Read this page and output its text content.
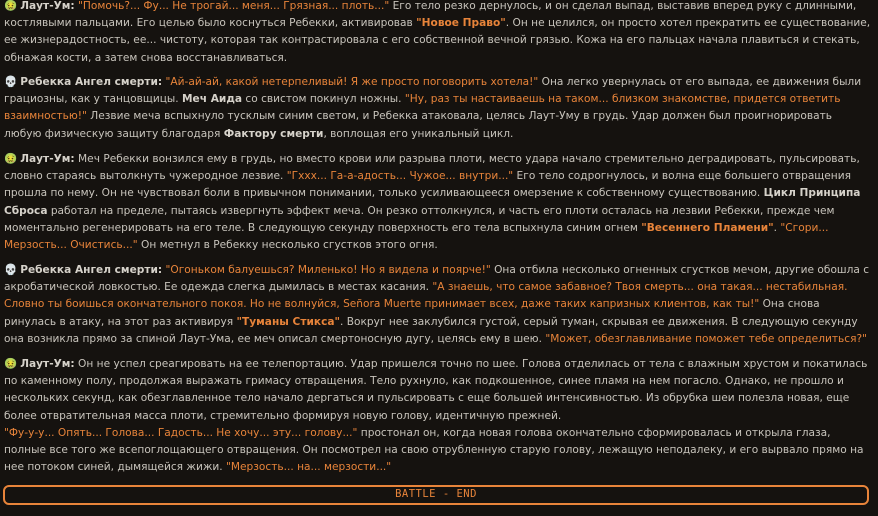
🤢 Лаут-Ум: "Помочь?... Фу... Не трогай... меня... Грязная... плоть..." Его тело резко дернулось, и он сделал выпад, выставив вперед руку с длинными, костлявыми пальцами. Его целью было коснуться Ребекки, активировав "Новое Право". Он не целился, он просто хотел прекратить ее существование, ее жизнерадостность, ее... чистоту, которая так контрастировала с его собственной вечной грязью. Кожа на его пальцах начала плавиться и стекать, обнажая кости, а затем снова восстанавливаться.

💀 Ребекка Ангел смерти: "Ай-ай-ай, какой нетерпеливый! Я же просто поговорить хотела!" Она легко увернулась от его выпада, ее движения были грациозны, как у танцовщицы. Меч Аида со свистом покинул ножны. "Ну, раз ты настаиваешь на таком... близком знакомстве, придется ответить взаимностью!" Лезвие меча вспыхнуло тусклым синим светом, и Ребекка атаковала, целясь Лаут-Уму в грудь. Удар должен был проигнорировать любую физическую защиту благодаря Фактору смерти, воплощая его уникальный цикл.

🤢 Лаут-Ум: Меч Ребекки вонзился ему в грудь, но вместо крови или разрыва плоти, место удара начало стремительно деградировать, пульсировать, словно стараясь вытолкнуть чужеродное лезвие. "Гххх... Га-а-адость... Чужое... внутри..." Его тело содрогнулось, и волна еще большего отвращения прошла по нему. Он не чувствовал боли в привычном понимании, только усиливающееся омерзение к собственному существованию. Цикл Принципа Сброса работал на пределе, пытаясь извергнуть эффект меча. Он резко оттолкнулся, и часть его плоти осталась на лезвии Ребекки, прежде чем моментально регенерировать на его теле. В следующую секунду поверхность его тела вспыхнула синим огнем "Весеннего Пламени". "Сгори... Мерзость... Очистись..." Он метнул в Ребекку несколько сгустков этого огня.

💀 Ребекка Ангел смерти: "Огоньком балуешься? Миленько! Но я видела и поярче!" Она отбила несколько огненных сгустков мечом, другие обошла с акробатической ловкостью. Ее одежда слегка дымилась в местах касания. "А знаешь, что самое забавное? Твоя смерть... она такая... нестабильная. Словно ты боишься окончательного покоя. Но не волнуйся, Señora Muerte принимает всех, даже таких капризных клиентов, как ты!" Она снова ринулась в атаку, на этот раз активируя "Туманы Стикса". Вокруг нее заклубился густой, серый туман, скрывая ее движения. В следующую секунду она возникла прямо за спиной Лаут-Ума, ее меч описал смертоносную дугу, целясь ему в шею. "Может, обезглавливание поможет тебе определиться?"

🤢 Лаут-Ум: Он не успел среагировать на ее телепортацию. Удар пришелся точно по шее. Голова отделилась от тела с влажным хрустом и покатилась по каменному полу, продолжая выражать гримасу отвращения. Тело рухнуло, как подкошенное, синее пламя на нем погасло. Однако, не прошло и нескольких секунд, как обезглавленное тело начало дергаться и пульсировать с еще большей интенсивностью. Из обрубка шеи полезла новая, еще более отвратительная масса плоти, стремительно формируя новую голову, идентичную прежней.
"Фу-у-у... Опять... Голова... Гадость... Не хочу... эту... голову..." простонал он, когда новая голова окончательно сформировалась и открыла глаза, полные все того же всепоглощающего отвращения. Он посмотрел на свою отрубленную старую голову, лежащую неподалеку, и его вырвало прямо на нее потоком синей, дымящейся жижи. "Мерзость... на... мерзости..."

BATTLE - END
